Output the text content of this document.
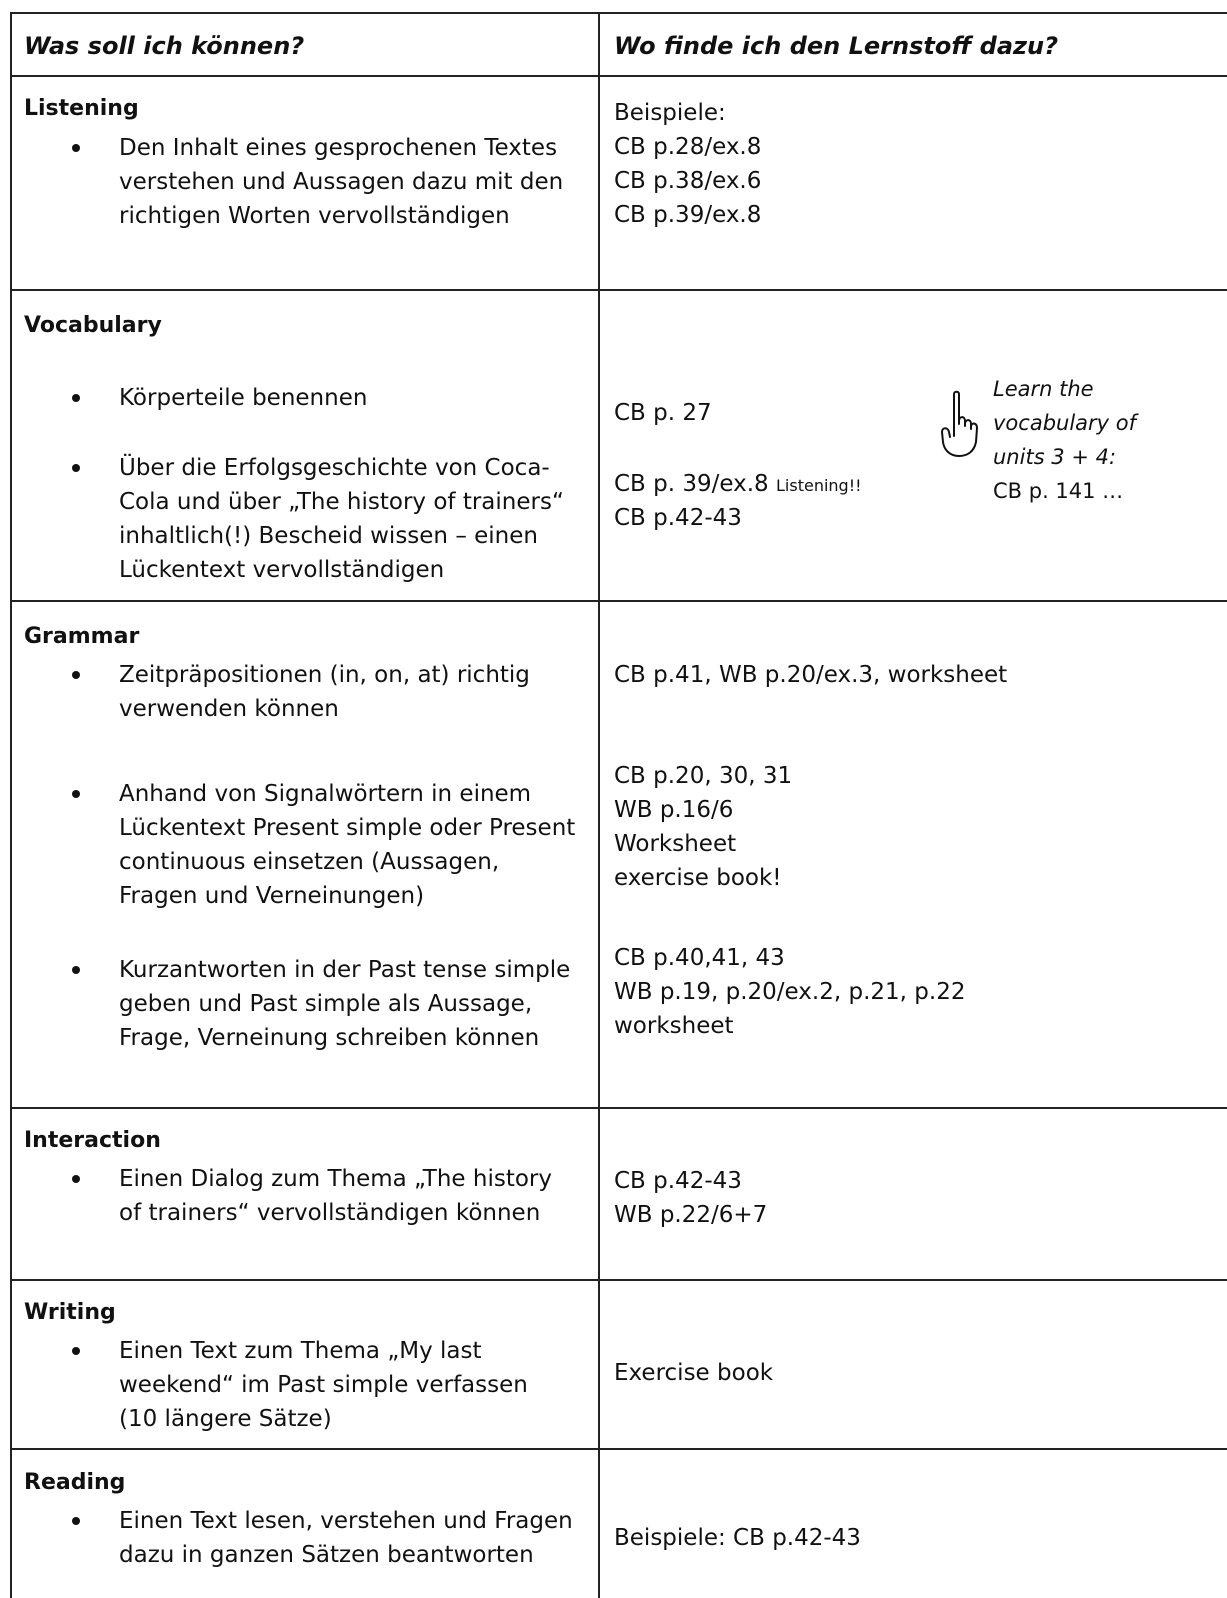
Was soll ich können?	Wo finde ich den Lernstoff dazu?
Listening
Den Inhalt eines gesprochenen Textes
verstehen und Aussagen dazu mit den
richtigen Worten vervollständigen
Beispiele:
CB p.28/ex.8
CB p.38/ex.6
CB p.39/ex.8
Vocabulary
Körperteile benennen
Über die Erfolgsgeschichte von Coca-
Cola und über „The history of trainers“
inhaltlich(!) Bescheid wissen – einen
Lückentext vervollständigen
CB p. 27
CB p. 39/ex.8 Listening!!
CB p.42-43
Learn the
vocabulary of
units 3 + 4:
CB p. 141 …
Grammar
Zeitpräpositionen (in, on, at) richtig
verwenden können
Anhand von Signalwörtern in einem
Lückentext Present simple oder Present
continuous einsetzen (Aussagen,
Fragen und Verneinungen)
Kurzantworten in der Past tense simple
geben und Past simple als Aussage,
Frage, Verneinung schreiben können
CB p.41, WB p.20/ex.3, worksheet
CB p.20, 30, 31
WB p.16/6
Worksheet
exercise book!
CB p.40,41, 43
WB p.19, p.20/ex.2, p.21, p.22
worksheet
Interaction
Einen Dialog zum Thema „The history
of trainers“ vervollständigen können
CB p.42-43
WB p.22/6+7
Writing
Einen Text zum Thema „My last
weekend“ im Past simple verfassen
(10 längere Sätze)
Exercise book
Reading
Einen Text lesen, verstehen und Fragen
dazu in ganzen Sätzen beantworten
Beispiele: CB p.42-43
